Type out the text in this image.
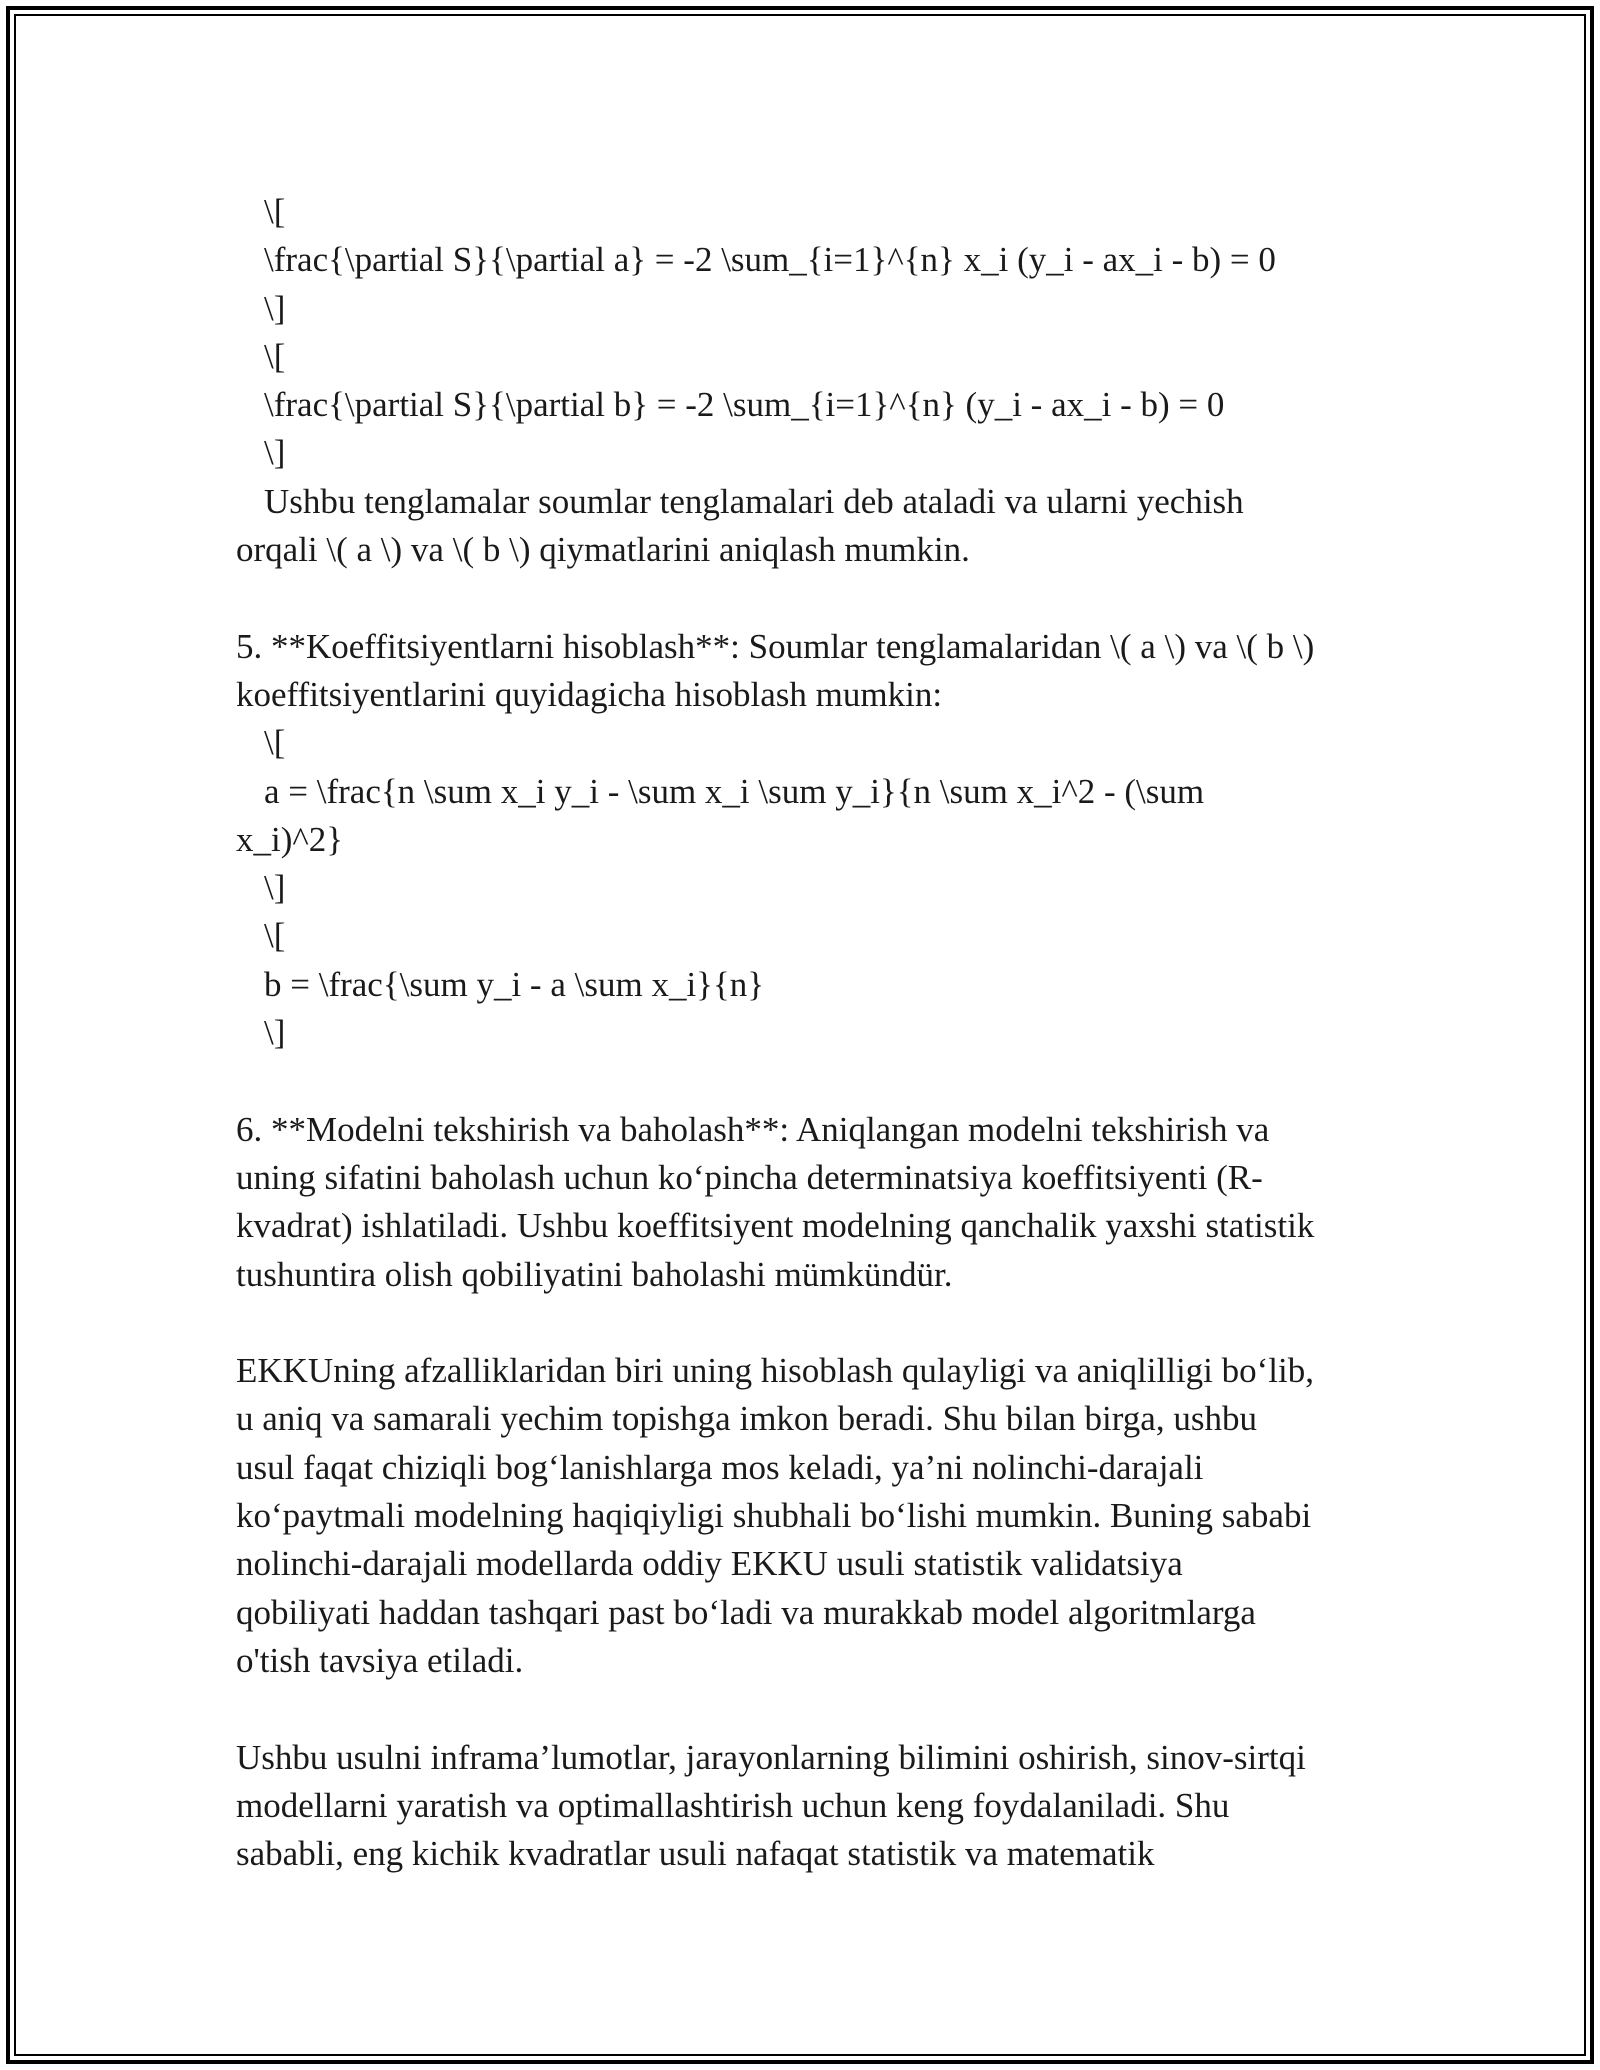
\[
\frac{\partial S}{\partial a} = -2 \sum_{i=1}^{n} x_i (y_i - ax_i - b) = 0
\]
\[
\frac{\partial S}{\partial b} = -2 \sum_{i=1}^{n} (y_i - ax_i - b) = 0
\]
Ushbu tenglamalar soumlar tenglamalari deb ataladi va ularni yechish
orqali \( a \) va \( b \) qiymatlarini aniqlash mumkin.
5. **Koeffitsiyentlarni hisoblash**: Soumlar tenglamalaridan \( a \) va \( b \)
koeffitsiyentlarini quyidagicha hisoblash mumkin:
\[
a = \frac{n \sum x_i y_i - \sum x_i \sum y_i}{n \sum x_i^2 - (\sum
x_i)^2}
\]
\[
b = \frac{\sum y_i - a \sum x_i}{n}
\]
6. **Modelni tekshirish va baholash**: Aniqlangan modelni tekshirish va
uning sifatini baholash uchun ko‘pincha determinatsiya koeffitsiyenti (R-
kvadrat) ishlatiladi. Ushbu koeffitsiyent modelning qanchalik yaxshi statistik
tushuntira olish qobiliyatini baholashi mümkündür.
EKKUning afzalliklaridan biri uning hisoblash qulayligi va aniqlilligi bo‘lib,
u aniq va samarali yechim topishga imkon beradi. Shu bilan birga, ushbu
usul faqat chiziqli bog‘lanishlarga mos keladi, ya’ni nolinchi-darajali
ko‘paytmali modelning haqiqiyligi shubhali bo‘lishi mumkin. Buning sababi
nolinchi-darajali modellarda oddiy EKKU usuli statistik validatsiya
qobiliyati haddan tashqari past bo‘ladi va murakkab model algoritmlarga
o'tish tavsiya etiladi.
Ushbu usulni inframa’lumotlar, jarayonlarning bilimini oshirish, sinov-sirtqi
modellarni yaratish va optimallashtirish uchun keng foydalaniladi. Shu
sababli, eng kichik kvadratlar usuli nafaqat statistik va matematik
